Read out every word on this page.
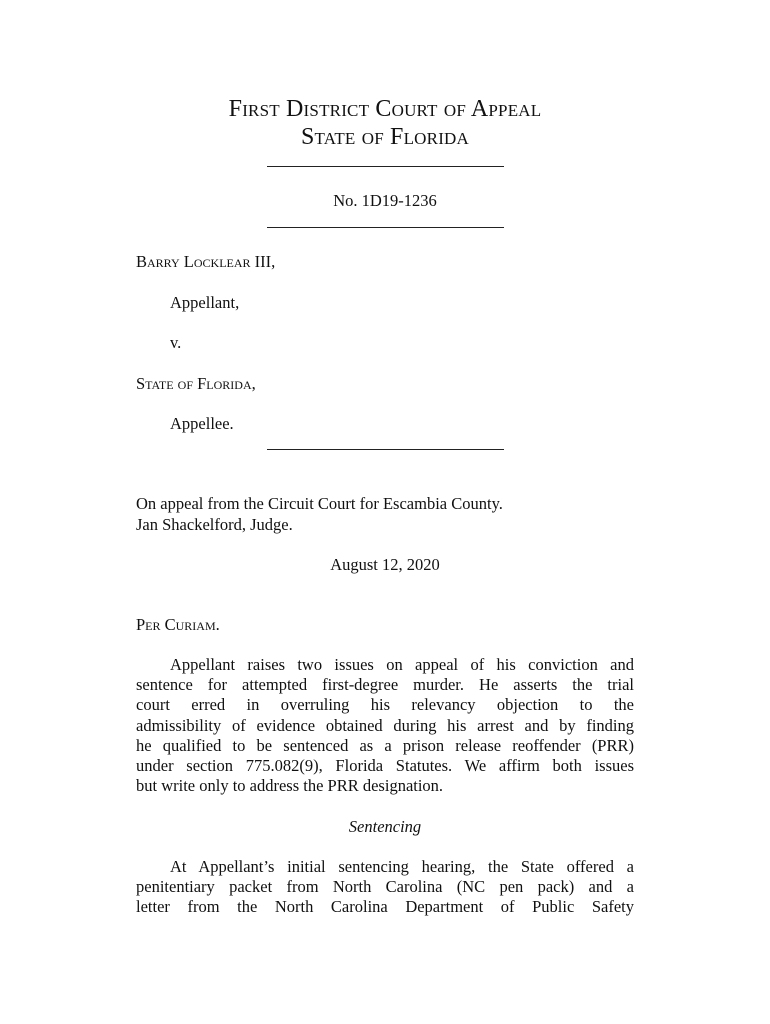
First District Court of Appeal
State of Florida
No. 1D19-1236
Barry Locklear III,
Appellant,
v.
State of Florida,
Appellee.
On appeal from the Circuit Court for Escambia County.
Jan Shackelford, Judge.
August 12, 2020
Per Curiam.
Appellant raises two issues on appeal of his conviction and
sentence for attempted first-degree murder. He asserts the trial
court erred in overruling his relevancy objection to the
admissibility of evidence obtained during his arrest and by finding
he qualified to be sentenced as a prison release reoffender (PRR)
under section 775.082(9), Florida Statutes. We affirm both issues
but write only to address the PRR designation.
Sentencing
At Appellant’s initial sentencing hearing, the State offered a
penitentiary packet from North Carolina (NC pen pack) and a
letter from the North Carolina Department of Public Safety
